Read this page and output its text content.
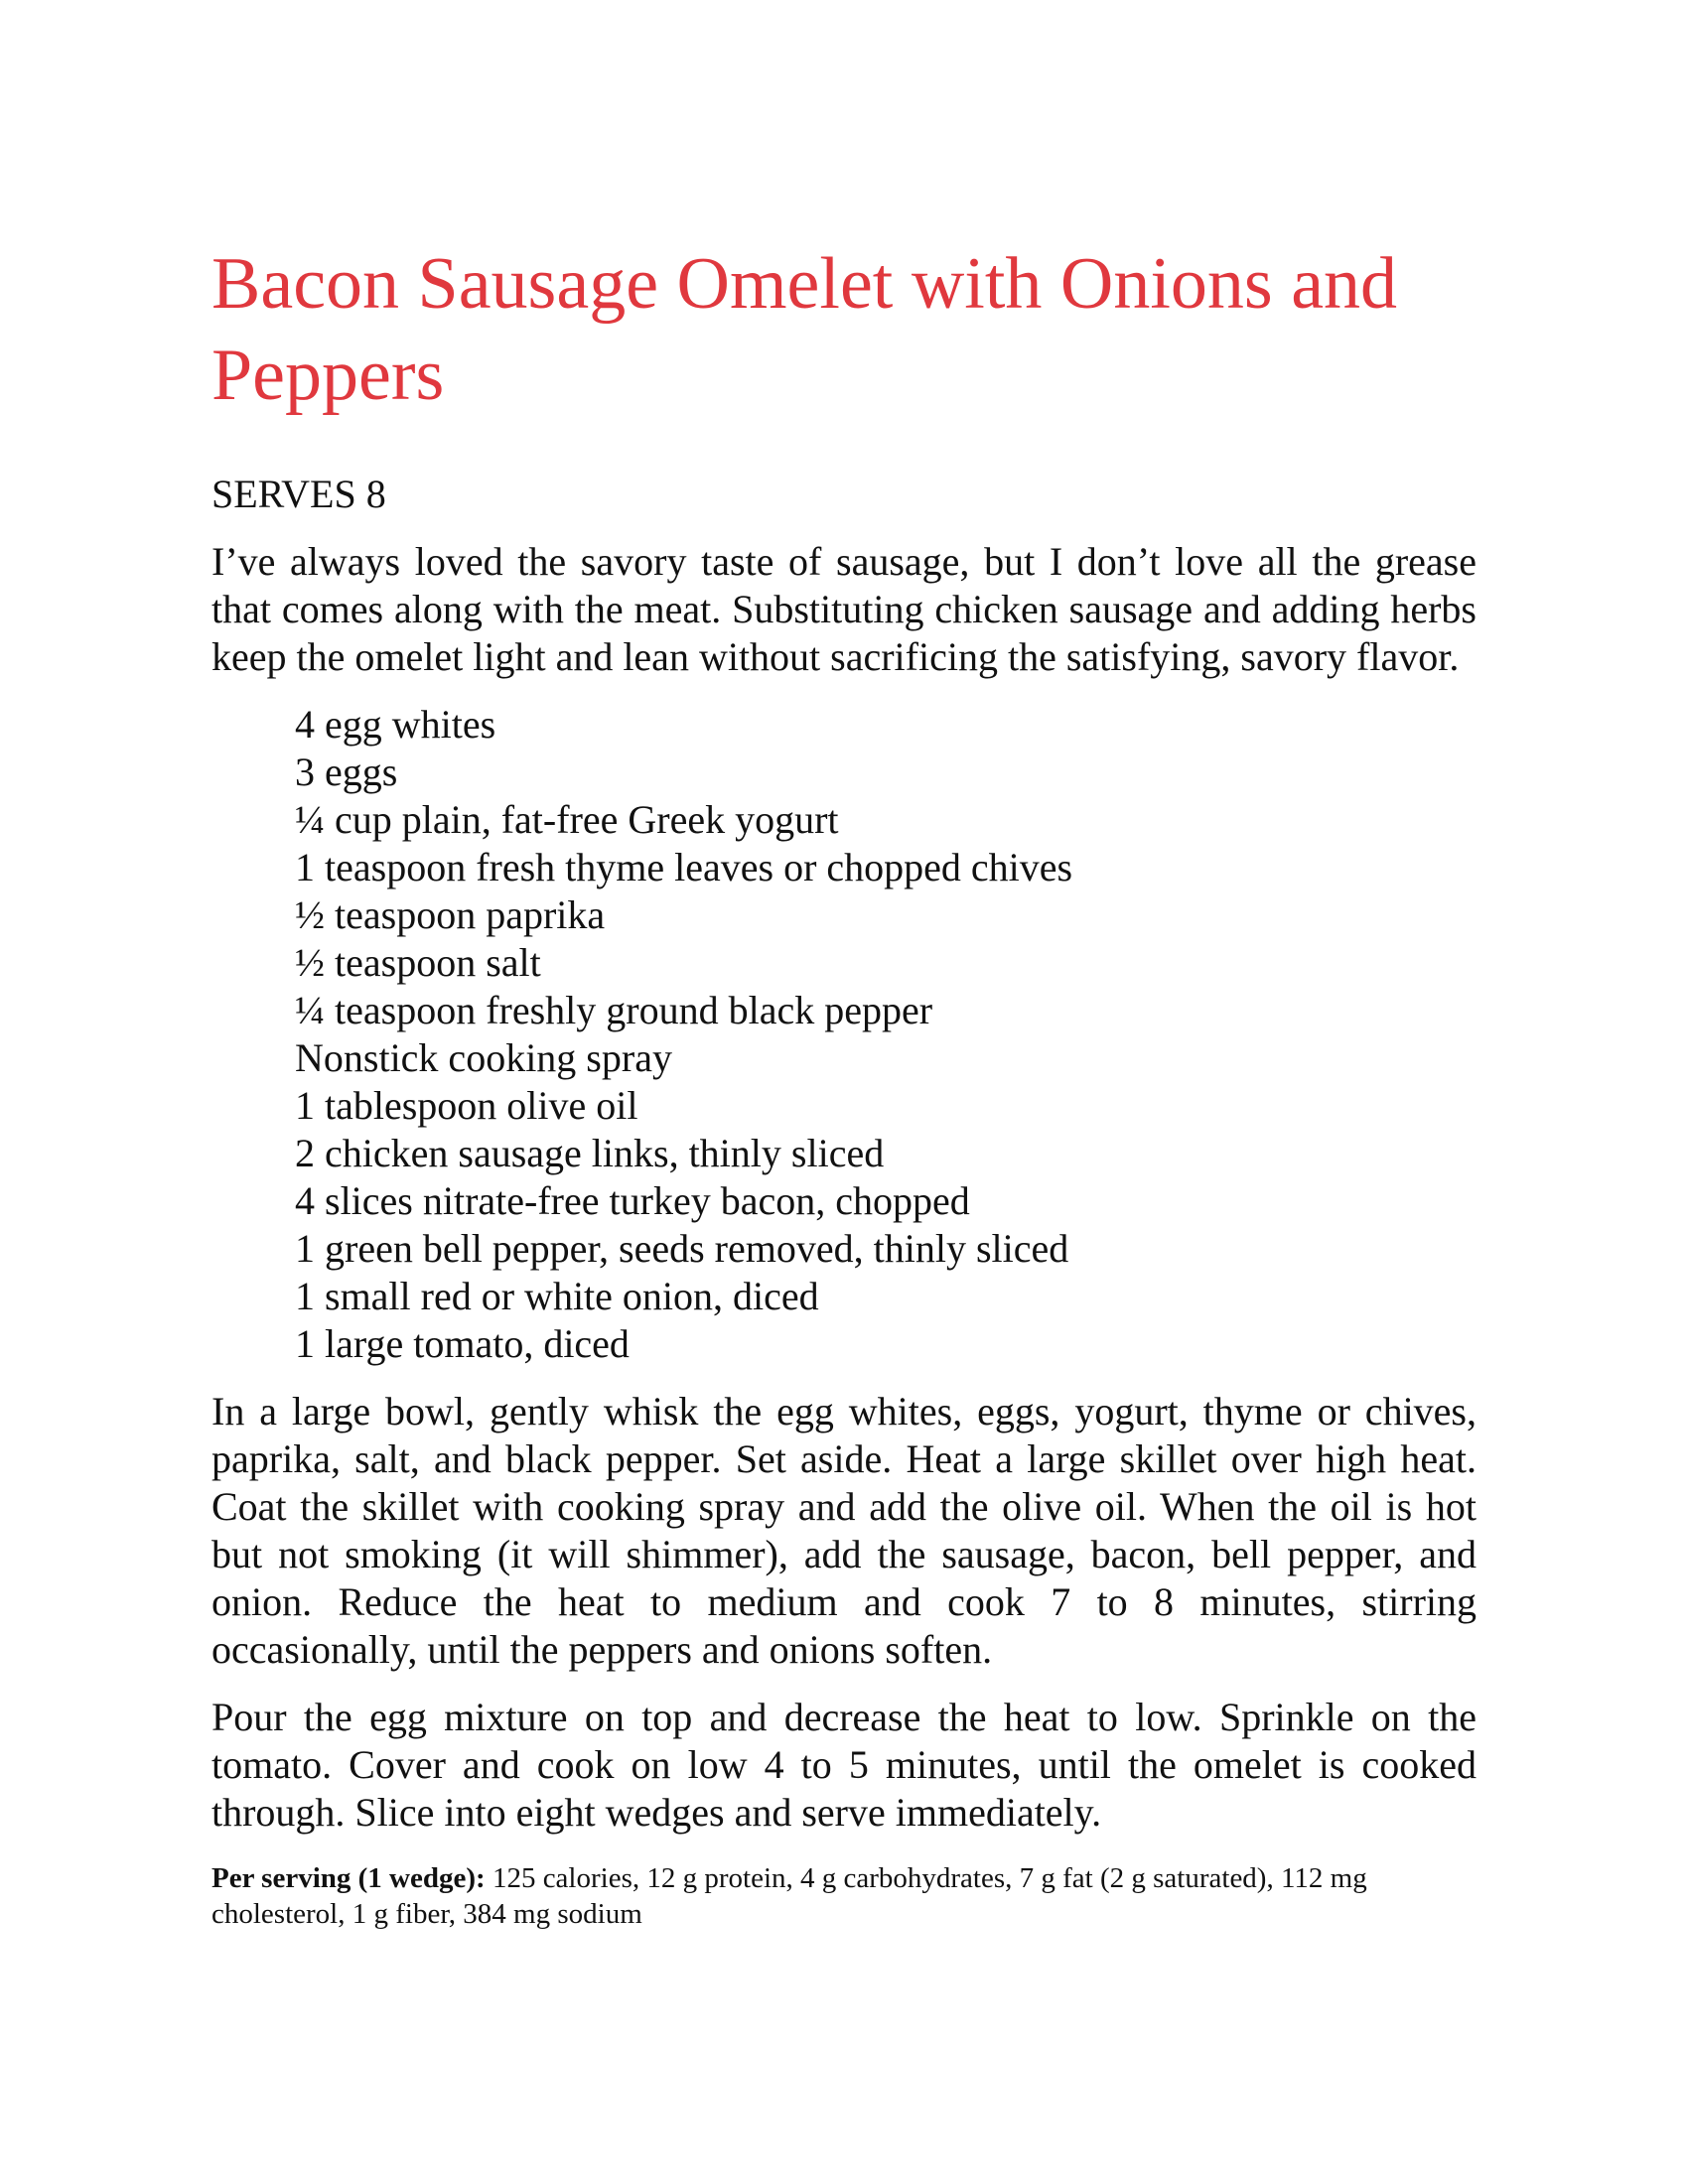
Bacon Sausage Omelet with Onions and Peppers

SERVES 8

I’ve always loved the savory taste of sausage, but I don’t love all the grease that comes along with the meat. Substituting chicken sausage and adding herbs keep the omelet light and lean without sacrificing the satisfying, savory flavor.

4 egg whites
3 eggs
¼ cup plain, fat-free Greek yogurt
1 teaspoon fresh thyme leaves or chopped chives
½ teaspoon paprika
½ teaspoon salt
¼ teaspoon freshly ground black pepper
Nonstick cooking spray
1 tablespoon olive oil
2 chicken sausage links, thinly sliced
4 slices nitrate-free turkey bacon, chopped
1 green bell pepper, seeds removed, thinly sliced
1 small red or white onion, diced
1 large tomato, diced

In a large bowl, gently whisk the egg whites, eggs, yogurt, thyme or chives, paprika, salt, and black pepper. Set aside. Heat a large skillet over high heat. Coat the skillet with cooking spray and add the olive oil. When the oil is hot but not smoking (it will shimmer), add the sausage, bacon, bell pepper, and onion. Reduce the heat to medium and cook 7 to 8 minutes, stirring occasionally, until the peppers and onions soften.

Pour the egg mixture on top and decrease the heat to low. Sprinkle on the tomato. Cover and cook on low 4 to 5 minutes, until the omelet is cooked through. Slice into eight wedges and serve immediately.

Per serving (1 wedge): 125 calories, 12 g protein, 4 g carbohydrates, 7 g fat (2 g saturated), 112 mg cholesterol, 1 g fiber, 384 mg sodium
